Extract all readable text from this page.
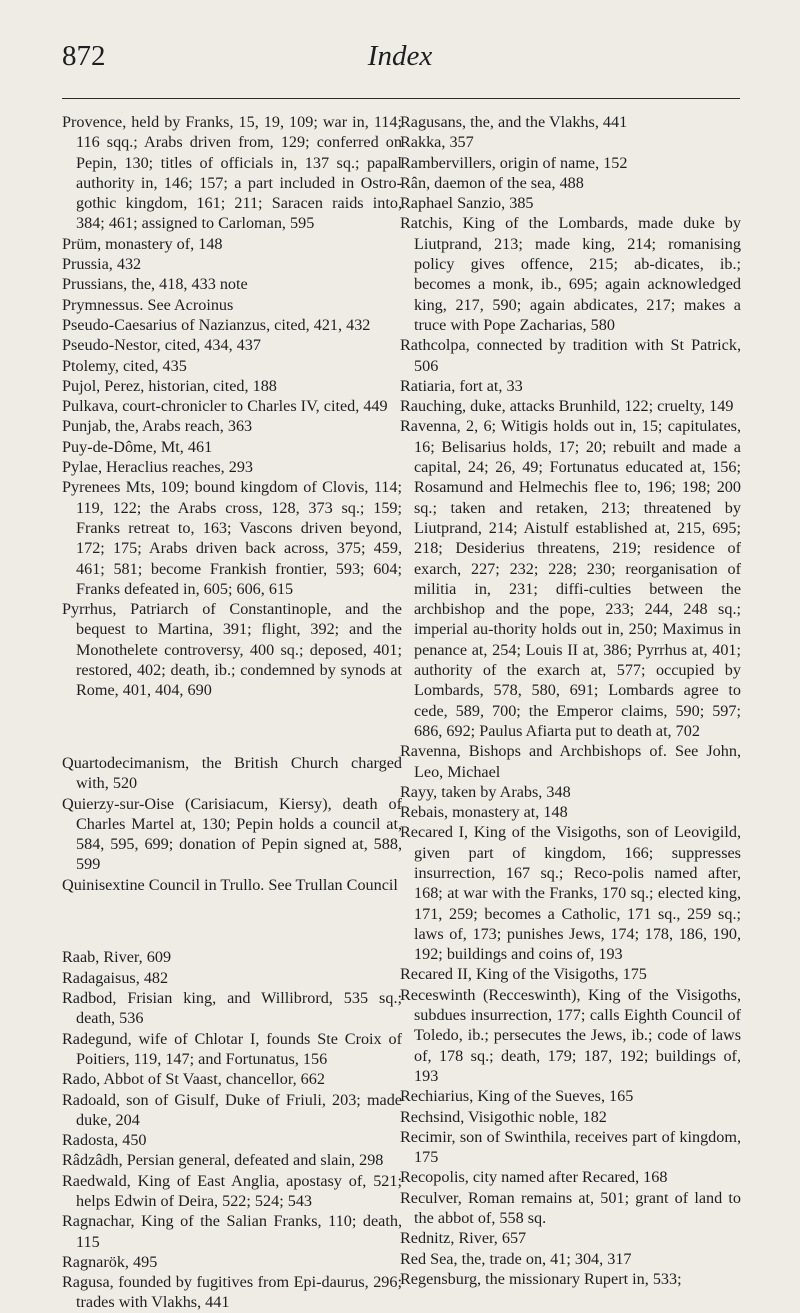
872	Index

Provence, held by Franks, 15, 19, 109; war in, 114; 116 sqq.; Arabs driven from, 129; conferred on Pepin, 130; titles of officials in, 137 sq.; papal authority in, 146; 157; a part included in Ostro-gothic kingdom, 161; 211; Saracen raids into, 384; 461; assigned to Carloman, 595

Prüm, monastery of, 148

Prussia, 432

Prussians, the, 418, 433 note

Prymnessus. See Acroinus

Pseudo-Caesarius of Nazianzus, cited, 421, 432

Pseudo-Nestor, cited, 434, 437

Ptolemy, cited, 435

Pujol, Perez, historian, cited, 188

Pulkava, court-chronicler to Charles IV, cited, 449

Punjab, the, Arabs reach, 363

Puy-de-Dôme, Mt, 461

Pylae, Heraclius reaches, 293

Pyrenees Mts, 109; bound kingdom of Clovis, 114; 119, 122; the Arabs cross, 128, 373 sq.; 159; Franks retreat to, 163; Vascons driven beyond, 172; 175; Arabs driven back across, 375; 459, 461; 581; become Frankish frontier, 593; 604; Franks defeated in, 605; 606, 615

Pyrrhus, Patriarch of Constantinople, and the bequest to Martina, 391; flight, 392; and the Monothelete controversy, 400 sq.; deposed, 401; restored, 402; death, ib.; condemned by synods at Rome, 401, 404, 690

Quartodecimanism, the British Church charged with, 520

Quierzy-sur-Oise (Carisiacum, Kiersy), death of Charles Martel at, 130; Pepin holds a council at, 584, 595, 699; donation of Pepin signed at, 588, 599

Quinisextine Council in Trullo. See Trullan Council

Raab, River, 609

Radagaisus, 482

Radbod, Frisian king, and Willibrord, 535 sq.; death, 536

Radegund, wife of Chlotar I, founds Ste Croix of Poitiers, 119, 147; and Fortunatus, 156

Rado, Abbot of St Vaast, chancellor, 662

Radoald, son of Gisulf, Duke of Friuli, 203; made duke, 204

Radosta, 450

Râdzâdh, Persian general, defeated and slain, 298

Raedwald, King of East Anglia, apostasy of, 521; helps Edwin of Deira, 522; 524; 543

Ragnachar, King of the Salian Franks, 110; death, 115

Ragnarök, 495

Ragusa, founded by fugitives from Epi-daurus, 296; trades with Vlakhs, 441

Ragusans, the, and the Vlakhs, 441

Rakka, 357

Rambervillers, origin of name, 152

Rân, daemon of the sea, 488

Raphael Sanzio, 385

Ratchis, King of the Lombards, made duke by Liutprand, 213; made king, 214; romanising policy gives offence, 215; ab-dicates, ib.; becomes a monk, ib., 695; again acknowledged king, 217, 590; again abdicates, 217; makes a truce with Pope Zacharias, 580

Rathcolpa, connected by tradition with St Patrick, 506

Ratiaria, fort at, 33

Rauching, duke, attacks Brunhild, 122; cruelty, 149

Ravenna, 2, 6; Witigis holds out in, 15; capitulates, 16; Belisarius holds, 17; 20; rebuilt and made a capital, 24; 26, 49; Fortunatus educated at, 156; Rosamund and Helmechis flee to, 196; 198; 200 sq.; taken and retaken, 213; threatened by Liutprand, 214; Aistulf established at, 215, 695; 218; Desiderius threatens, 219; residence of exarch, 227; 232; 228; 230; reorganisation of militia in, 231; diffi-culties between the archbishop and the pope, 233; 244, 248 sq.; imperial au-thority holds out in, 250; Maximus in penance at, 254; Louis II at, 386; Pyrrhus at, 401; authority of the exarch at, 577; occupied by Lombards, 578, 580, 691; Lombards agree to cede, 589, 700; the Emperor claims, 590; 597; 686, 692; Paulus Afiarta put to death at, 702

Ravenna, Bishops and Archbishops of. See John, Leo, Michael

Rayy, taken by Arabs, 348

Rebais, monastery at, 148

Recared I, King of the Visigoths, son of Leovigild, given part of kingdom, 166; suppresses insurrection, 167 sq.; Reco-polis named after, 168; at war with the Franks, 170 sq.; elected king, 171, 259; becomes a Catholic, 171 sq., 259 sq.; laws of, 173; punishes Jews, 174; 178, 186, 190, 192; buildings and coins of, 193

Recared II, King of the Visigoths, 175

Receswinth (Recceswinth), King of the Visigoths, subdues insurrection, 177; calls Eighth Council of Toledo, ib.; persecutes the Jews, ib.; code of laws of, 178 sq.; death, 179; 187, 192; buildings of, 193

Rechiarius, King of the Sueves, 165

Rechsind, Visigothic noble, 182

Recimir, son of Swinthila, receives part of kingdom, 175

Recopolis, city named after Recared, 168

Reculver, Roman remains at, 501; grant of land to the abbot of, 558 sq.

Rednitz, River, 657

Red Sea, the, trade on, 41; 304, 317

Regensburg, the missionary Rupert in, 533;
